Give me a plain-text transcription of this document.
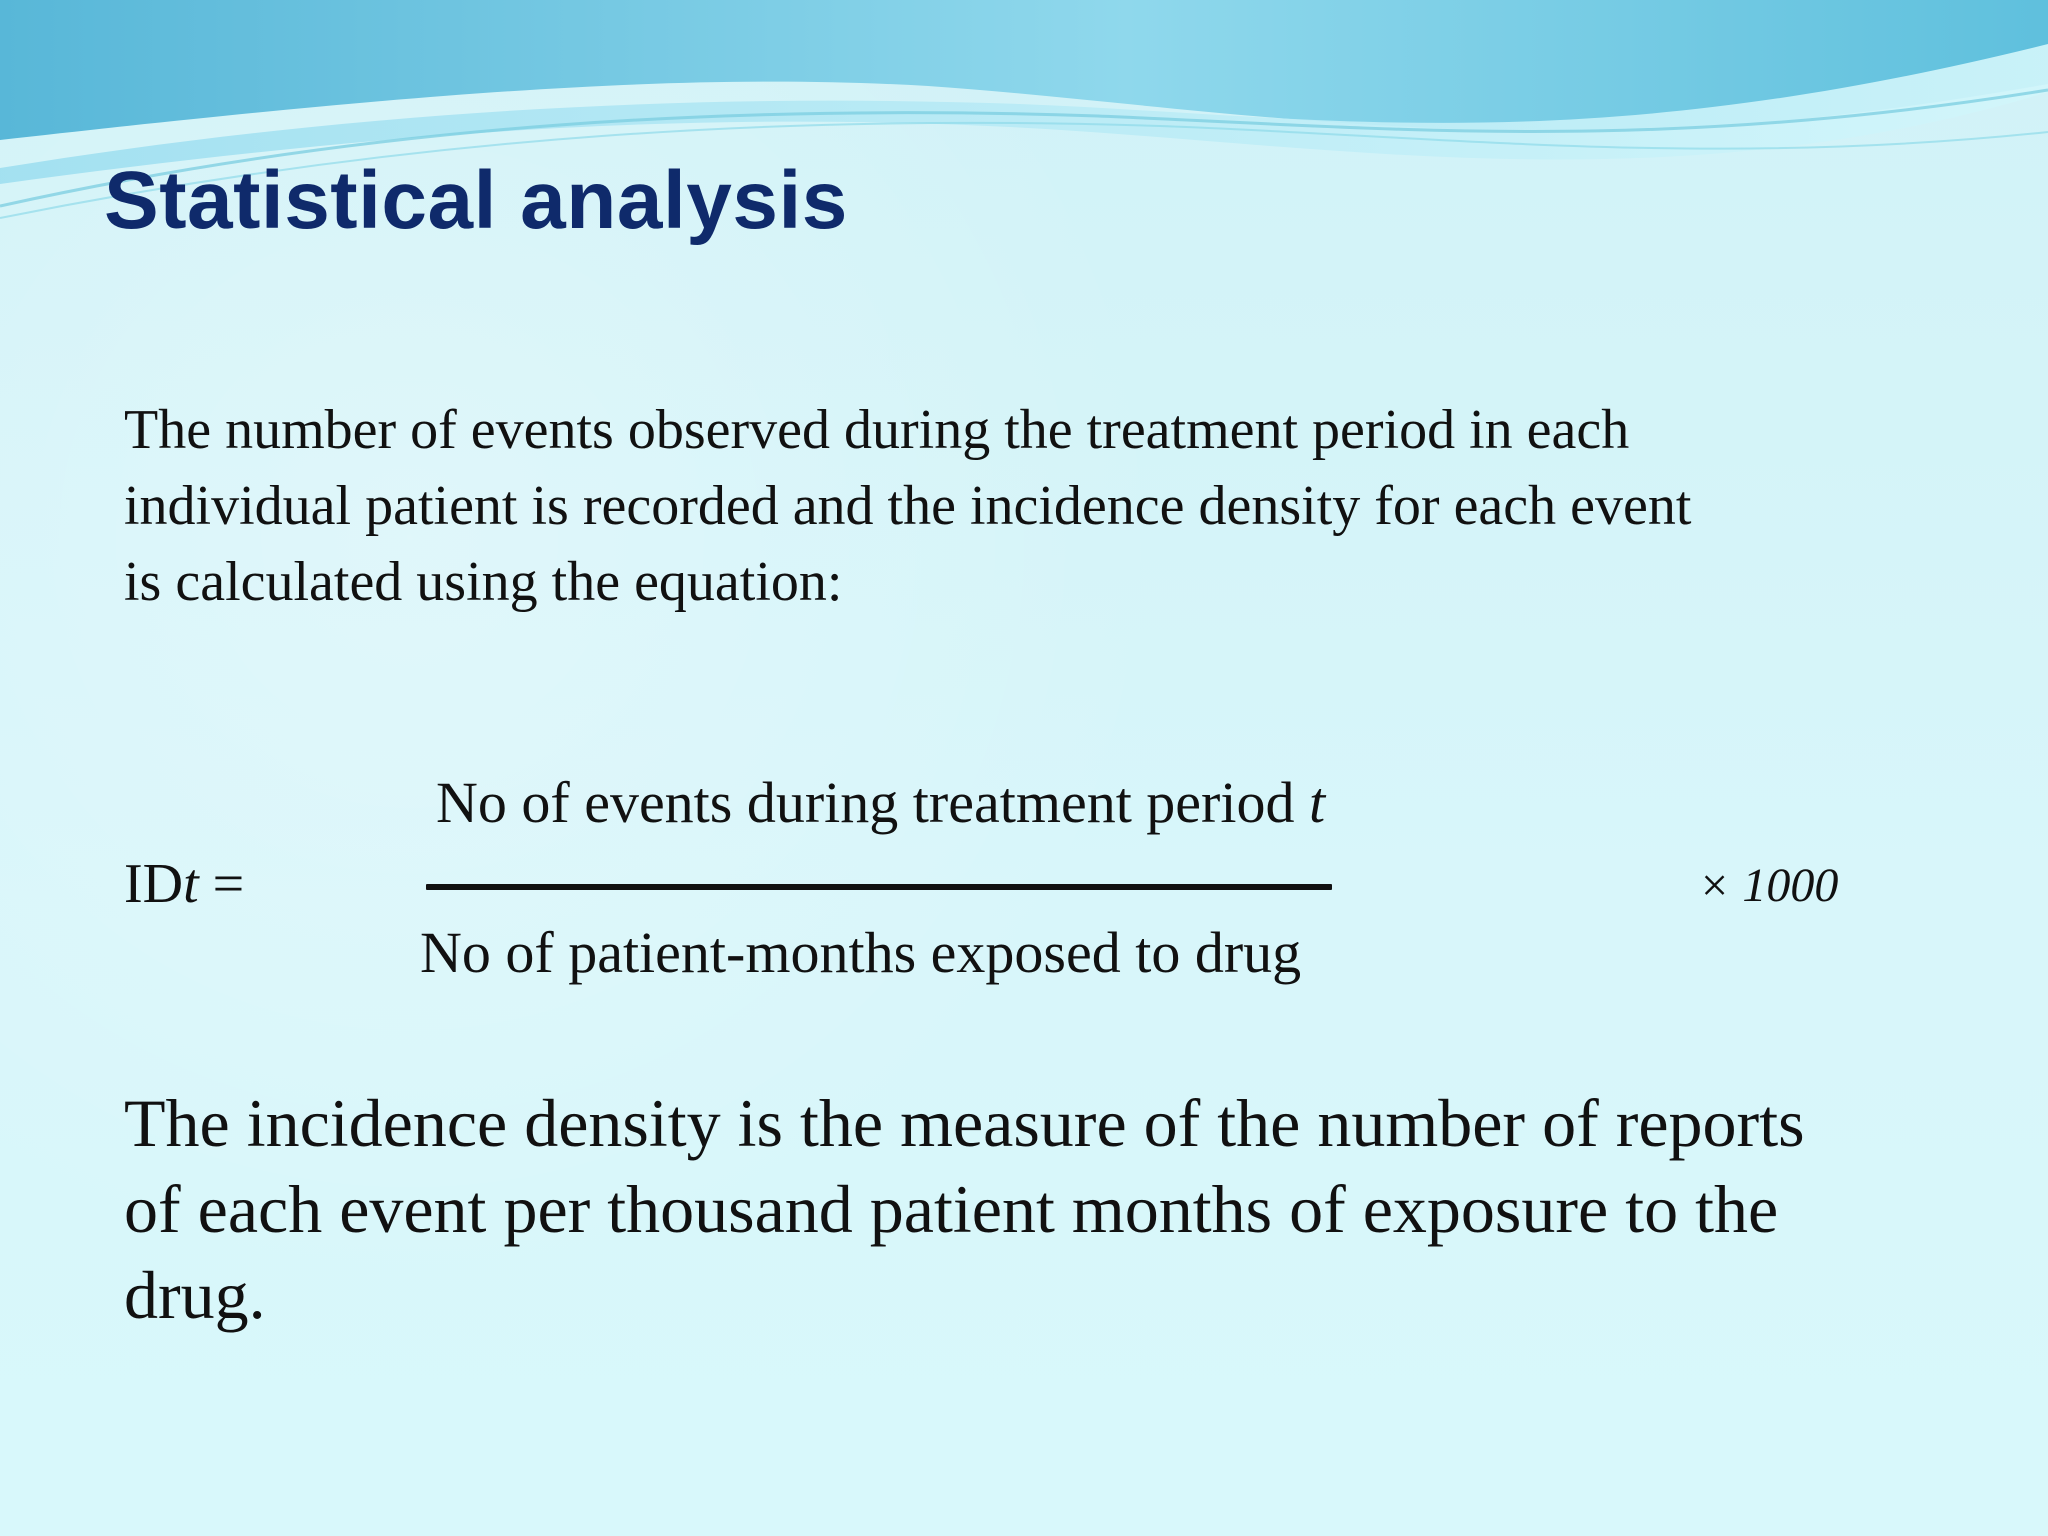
Statistical analysis

The number of events observed during the treatment period in each individual patient is recorded and the incidence density for each event is calculated using the equation:

IDt =
No of events during treatment period t
No of patient-months exposed to drug
× 1000

The incidence density is the measure of the number of reports of each event per thousand patient months of exposure to the drug.
